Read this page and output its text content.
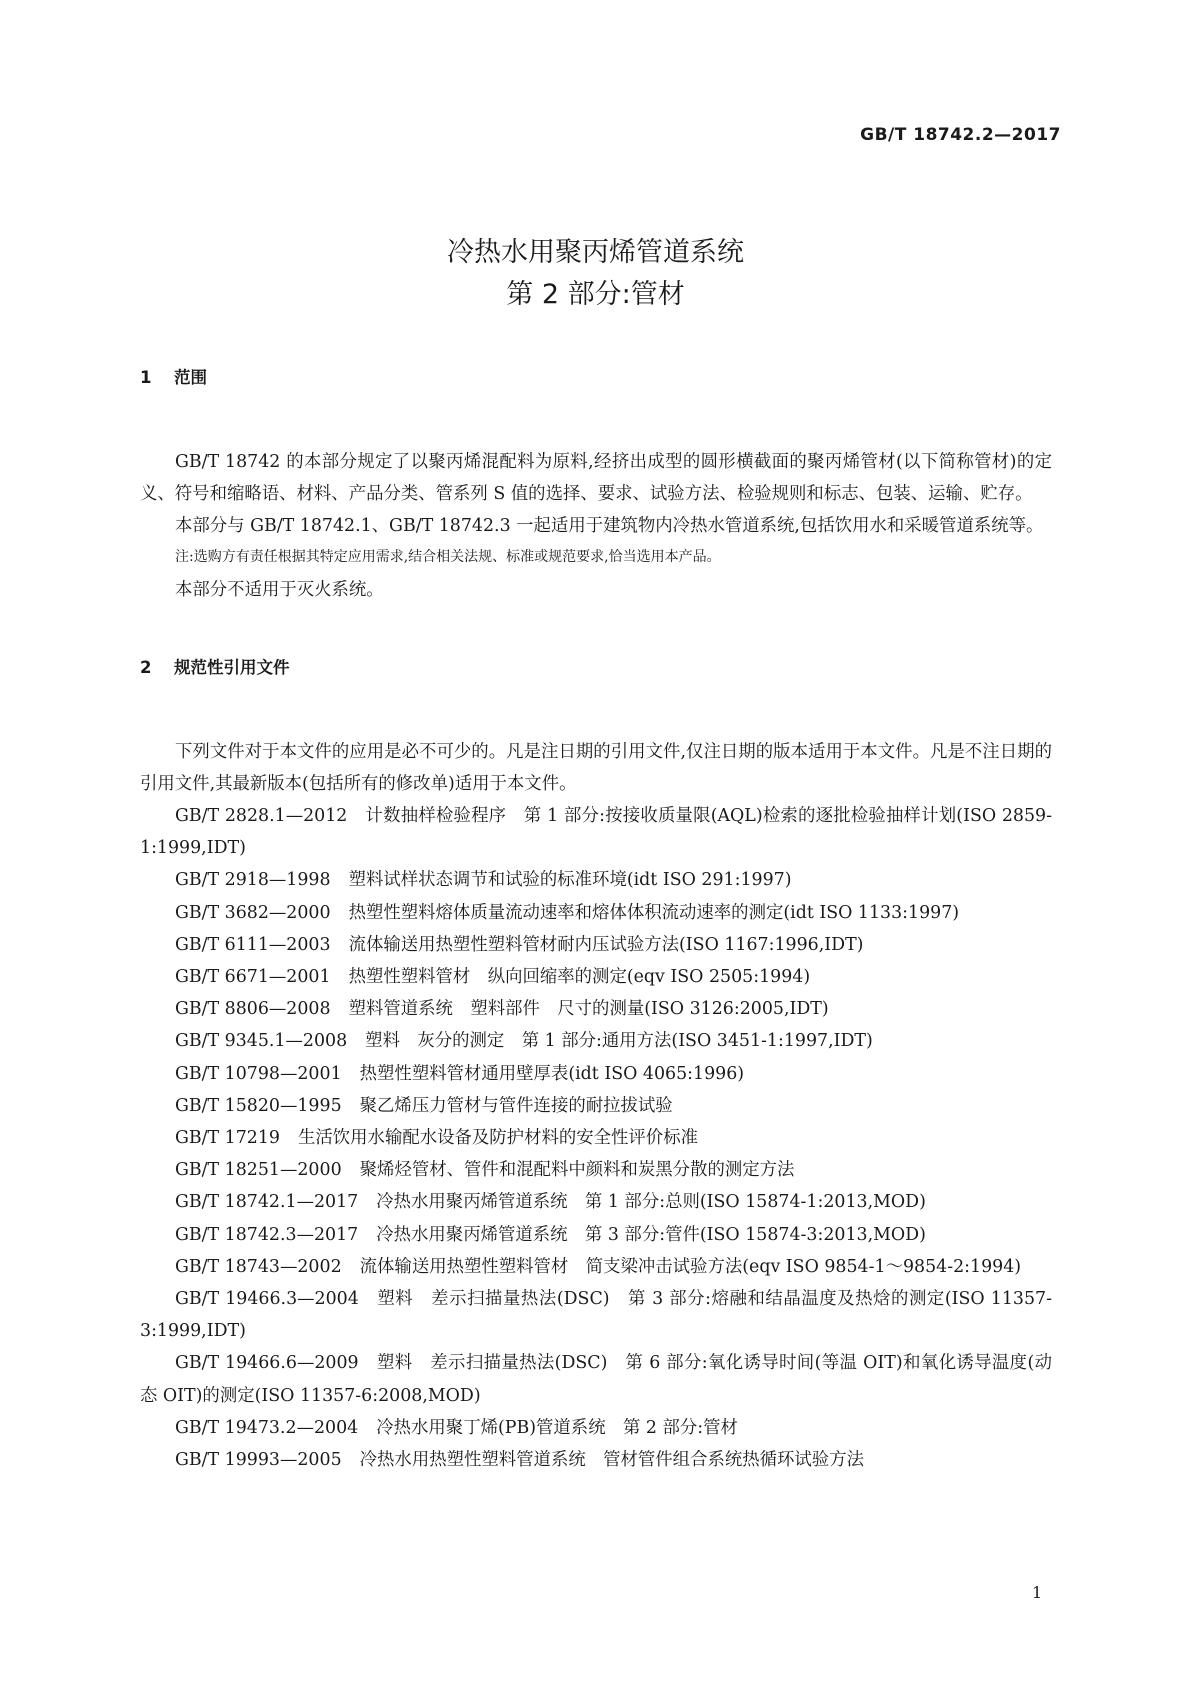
GB/T 18742.2—2017
冷热水用聚丙烯管道系统
第 2 部分:管材
1 范围

GB/T 18742 的本部分规定了以聚丙烯混配料为原料,经挤出成型的圆形横截面的聚丙烯管材(以下简称管材)的定义、符号和缩略语、材料、产品分类、管系列 S 值的选择、要求、试验方法、检验规则和标志、包装、运输、贮存。

本部分与 GB/T 18742.1、GB/T 18742.3 一起适用于建筑物内冷热水管道系统,包括饮用水和采暖管道系统等。

注:选购方有责任根据其特定应用需求,结合相关法规、标准或规范要求,恰当选用本产品。

本部分不适用于灭火系统。

2 规范性引用文件

下列文件对于本文件的应用是必不可少的。凡是注日期的引用文件,仅注日期的版本适用于本文件。凡是不注日期的引用文件,其最新版本(包括所有的修改单)适用于本文件。

GB/T 2828.1—2012 计数抽样检验程序　第 1 部分:按接收质量限(AQL)检索的逐批检验抽样计划(ISO 2859-1:1999,IDT)
GB/T 2918—1998 塑料试样状态调节和试验的标准环境(idt ISO 291:1997)
GB/T 3682—2000 热塑性塑料熔体质量流动速率和熔体体积流动速率的测定(idt ISO 1133:1997)
GB/T 6111—2003 流体输送用热塑性塑料管材耐内压试验方法(ISO 1167:1996,IDT)
GB/T 6671—2001 热塑性塑料管材　纵向回缩率的测定(eqv ISO 2505:1994)
GB/T 8806—2008 塑料管道系统　塑料部件　尺寸的测量(ISO 3126:2005,IDT)
GB/T 9345.1—2008 塑料　灰分的测定　第 1 部分:通用方法(ISO 3451-1:1997,IDT)
GB/T 10798—2001 热塑性塑料管材通用壁厚表(idt ISO 4065:1996)
GB/T 15820—1995 聚乙烯压力管材与管件连接的耐拉拔试验
GB/T 17219 生活饮用水输配水设备及防护材料的安全性评价标准
GB/T 18251—2000 聚烯烃管材、管件和混配料中颜料和炭黑分散的测定方法
GB/T 18742.1—2017 冷热水用聚丙烯管道系统　第 1 部分:总则(ISO 15874-1:2013,MOD)
GB/T 18742.3—2017 冷热水用聚丙烯管道系统　第 3 部分:管件(ISO 15874-3:2013,MOD)
GB/T 18743—2002 流体输送用热塑性塑料管材　简支梁冲击试验方法(eqv ISO 9854-1～9854-2:1994)
GB/T 19466.3—2004 塑料　差示扫描量热法(DSC)　第 3 部分:熔融和结晶温度及热焓的测定(ISO 11357-3:1999,IDT)
GB/T 19466.6—2009 塑料　差示扫描量热法(DSC)　第 6 部分:氧化诱导时间(等温 OIT)和氧化诱导温度(动态 OIT)的测定(ISO 11357-6:2008,MOD)
GB/T 19473.2—2004 冷热水用聚丁烯(PB)管道系统　第 2 部分:管材
GB/T 19993—2005 冷热水用热塑性塑料管道系统　管材管件组合系统热循环试验方法
1
